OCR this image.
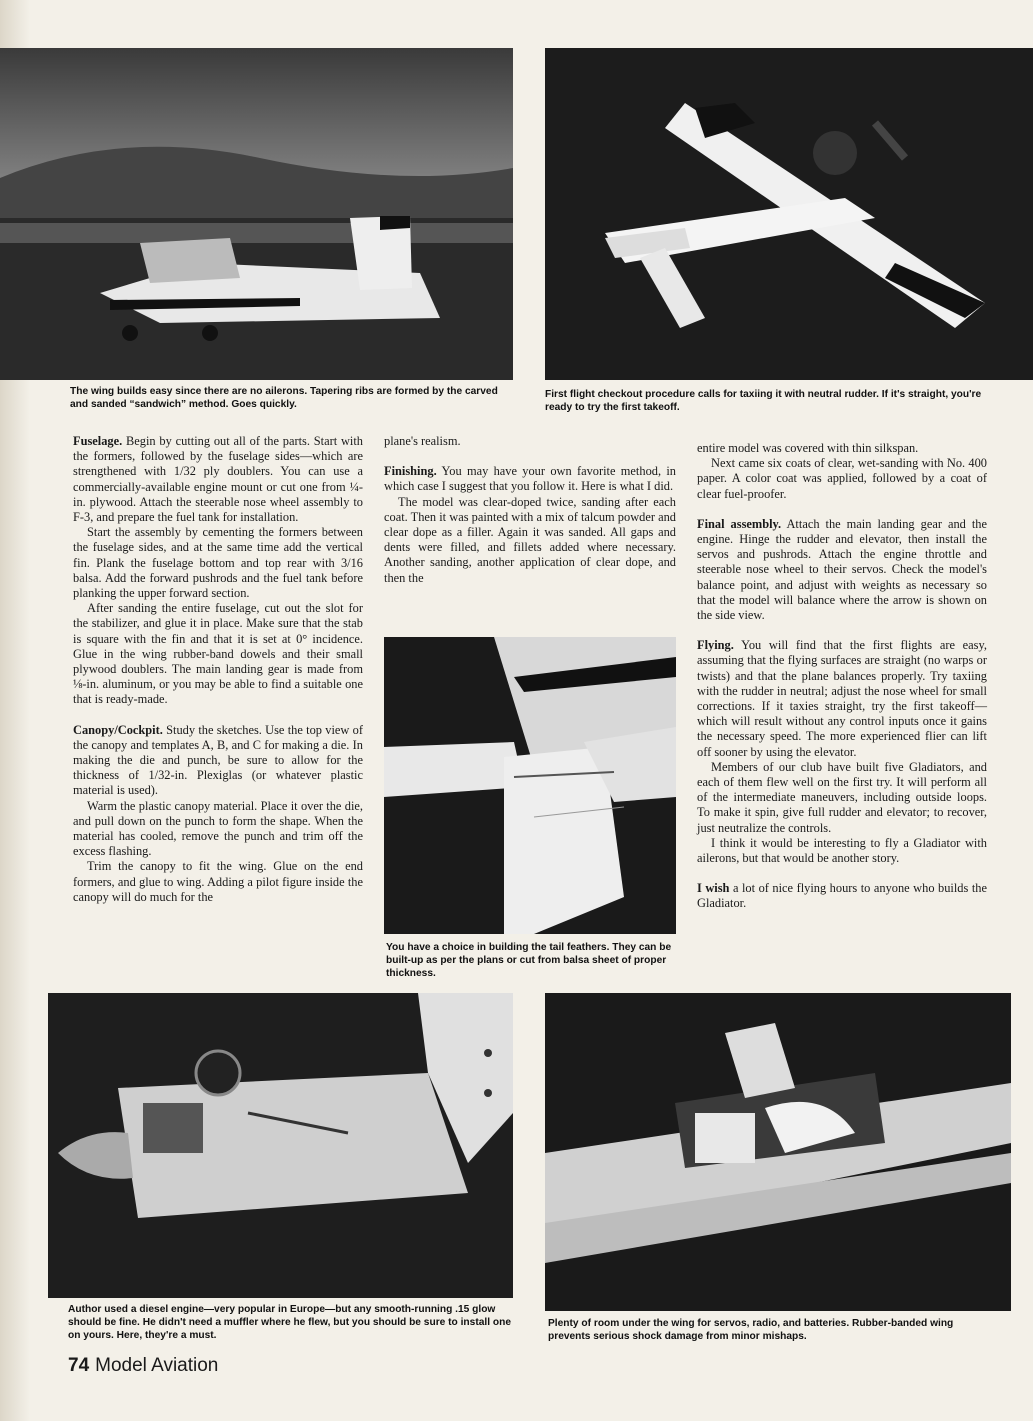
The wing builds easy since there are no ailerons. Tapering ribs are formed by the carved and sanded “sandwich” method. Goes quickly.
First flight checkout procedure calls for taxiing it with neutral rudder. If it's straight, you're ready to try the first takeoff.

Fuselage. Begin by cutting out all of the parts. Start with the formers, followed by the fuselage sides—which are strengthened with 1/32 ply doublers. You can use a commercially-available engine mount or cut one from ¼-in. plywood. Attach the steerable nose wheel assembly to F-3, and prepare the fuel tank for installation.

Start the assembly by cementing the formers between the fuselage sides, and at the same time add the vertical fin. Plank the fuselage bottom and top rear with 3/16 balsa. Add the forward pushrods and the fuel tank before planking the upper forward section.

After sanding the entire fuselage, cut out the slot for the stabilizer, and glue it in place. Make sure that the stab is square with the fin and that it is set at 0° incidence. Glue in the wing rubber-band dowels and their small plywood doublers. The main landing gear is made from ⅛-in. aluminum, or you may be able to find a suitable one that is ready-made.

Canopy/Cockpit. Study the sketches. Use the top view of the canopy and templates A, B, and C for making a die. In making the die and punch, be sure to allow for the thickness of 1/32-in. Plexiglas (or whatever plastic material is used).

Warm the plastic canopy material. Place it over the die, and pull down on the punch to form the shape. When the material has cooled, remove the punch and trim off the excess flashing.

Trim the canopy to fit the wing. Glue on the end formers, and glue to wing. Adding a pilot figure inside the canopy will do much for the

plane's realism.

Finishing. You may have your own favorite method, in which case I suggest that you follow it. Here is what I did.

The model was clear-doped twice, sanding after each coat. Then it was painted with a mix of talcum powder and clear dope as a filler. Again it was sanded. All gaps and dents were filled, and fillets added where necessary. Another sanding, another application of clear dope, and then the

You have a choice in building the tail feathers. They can be built-up as per the plans or cut from balsa sheet of proper thickness.

entire model was covered with thin silkspan.

Next came six coats of clear, wet-sanding with No. 400 paper. A color coat was applied, followed by a coat of clear fuel-proofer.

Final assembly. Attach the main landing gear and the engine. Hinge the rudder and elevator, then install the servos and pushrods. Attach the engine throttle and steerable nose wheel to their servos. Check the model's balance point, and adjust with weights as necessary so that the model will balance where the arrow is shown on the side view.

Flying. You will find that the first flights are easy, assuming that the flying surfaces are straight (no warps or twists) and that the plane balances properly. Try taxiing with the rudder in neutral; adjust the nose wheel for small corrections. If it taxies straight, try the first takeoff—which will result without any control inputs once it gains the necessary speed. The more experienced flier can lift off sooner by using the elevator.

Members of our club have built five Gladiators, and each of them flew well on the first try. It will perform all of the intermediate maneuvers, including outside loops. To make it spin, give full rudder and elevator; to recover, just neutralize the controls.

I think it would be interesting to fly a Gladiator with ailerons, but that would be another story.

I wish a lot of nice flying hours to anyone who builds the Gladiator.

Author used a diesel engine—very popular in Europe—but any smooth-running .15 glow should be fine. He didn't need a muffler where he flew, but you should be sure to install one on yours. Here, they're a must.
Plenty of room under the wing for servos, radio, and batteries. Rubber-banded wing prevents serious shock damage from minor mishaps.
74 Model Aviation
